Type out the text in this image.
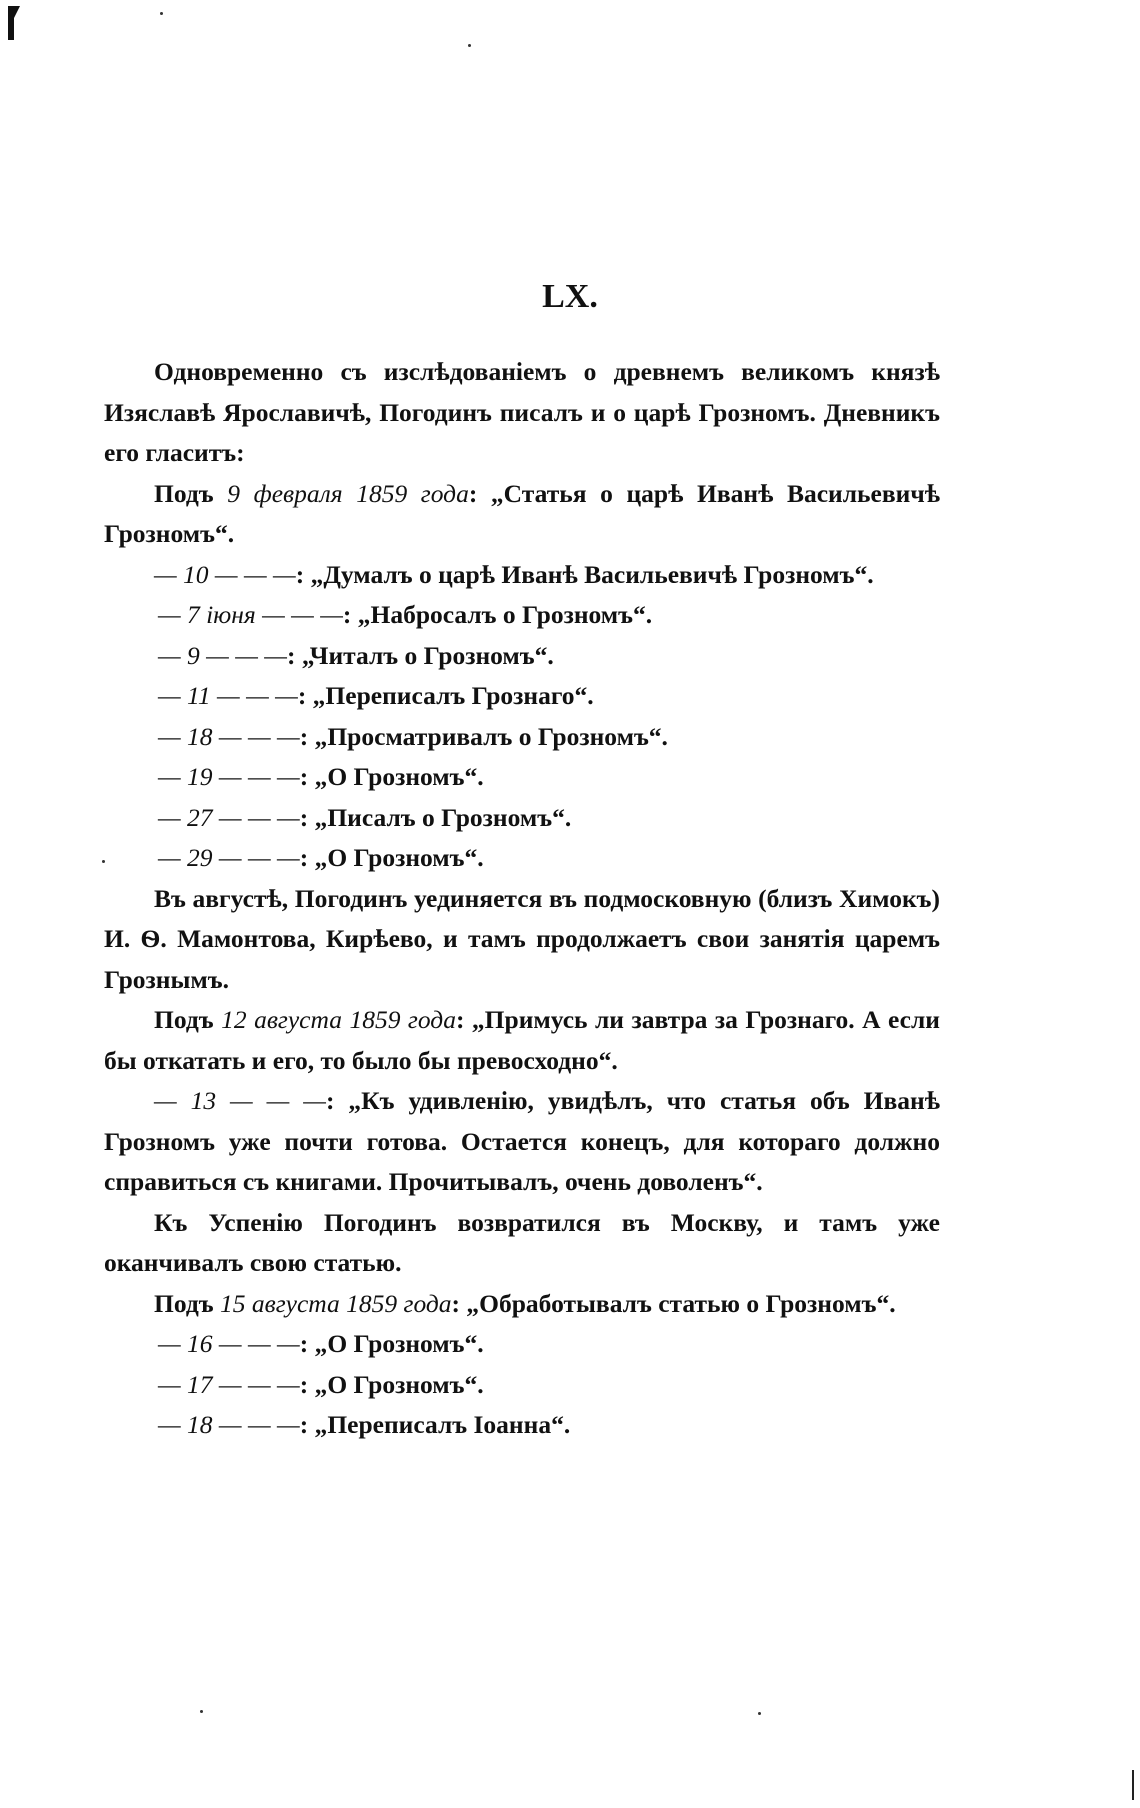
LX.

Одновременно съ изслѣдованіемъ о древнемъ великомъ князѣ Изяславѣ Ярославичѣ, Погодинъ писалъ и о царѣ Грозномъ. Дневникъ его гласитъ:

Подъ 9 февраля 1859 года: „Статья о царѣ Иванѣ Васильевичѣ Грозномъ“.

— 10 — — —: „Думалъ о царѣ Иванѣ Васильевичѣ Грозномъ“.

— 7 іюня — — —: „Набросалъ о Грозномъ“.

— 9 — — —: „Читалъ о Грозномъ“.

— 11 — — —: „Переписалъ Грознаго“.

— 18 — — —: „Просматривалъ о Грозномъ“.

— 19 — — —: „О Грозномъ“.

— 27 — — —: „Писалъ о Грозномъ“.

— 29 — — —: „О Грозномъ“.

Въ августѣ, Погодинъ уединяется въ подмосковную (близъ Химокъ) И. Ѳ. Мамонтова, Кирѣево, и тамъ продолжаетъ свои занятія царемъ Грознымъ.

Подъ 12 августа 1859 года: „Примусь ли завтра за Грознаго. А если бы откатать и его, то было бы превосходно“.

— 13 — — —: „Къ удивленію, увидѣлъ, что статья объ Иванѣ Грозномъ уже почти готова. Остается конецъ, для котораго должно справиться съ книгами. Прочитывалъ, очень доволенъ“.

Къ Успенію Погодинъ возвратился въ Москву, и тамъ уже оканчивалъ свою статью.

Подъ 15 августа 1859 года: „Обработывалъ статью о Грозномъ“.

— 16 — — —: „О Грозномъ“.

— 17 — — —: „О Грозномъ“.

— 18 — — —: „Переписалъ Іоанна“.
